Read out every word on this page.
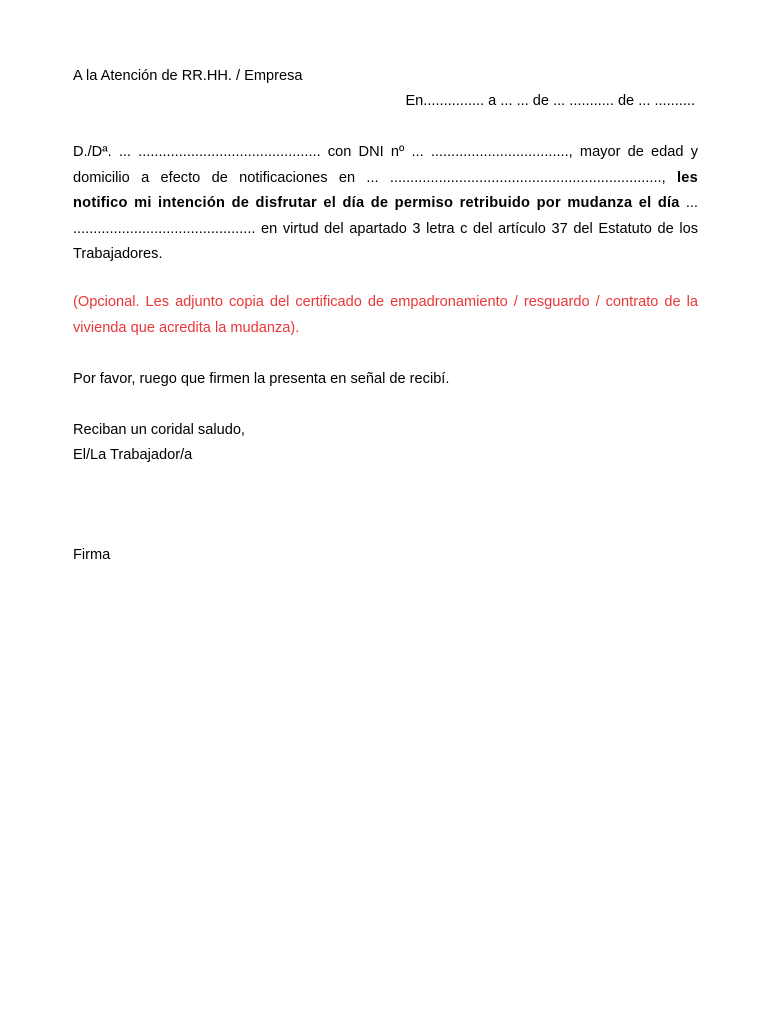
A la Atención de RR.HH. / Empresa

En............... a ... ... de ... ........... de ... ..........

D./Dª. ... ............................................. con DNI nº ... .................................., mayor de edad y domicilio a efecto de notificaciones en ... ..................................................................., les notifico mi intención de disfrutar el día de permiso retribuido por mudanza el día ... ............................................. en virtud del apartado 3 letra c del artículo 37 del Estatuto de los Trabajadores.

(Opcional. Les adjunto copia del certificado de empadronamiento / resguardo / contrato de la vivienda que acredita la mudanza).

Por favor, ruego que firmen la presenta en señal de recibí.

Reciban un coridal saludo,

El/La Trabajador/a

Firma
